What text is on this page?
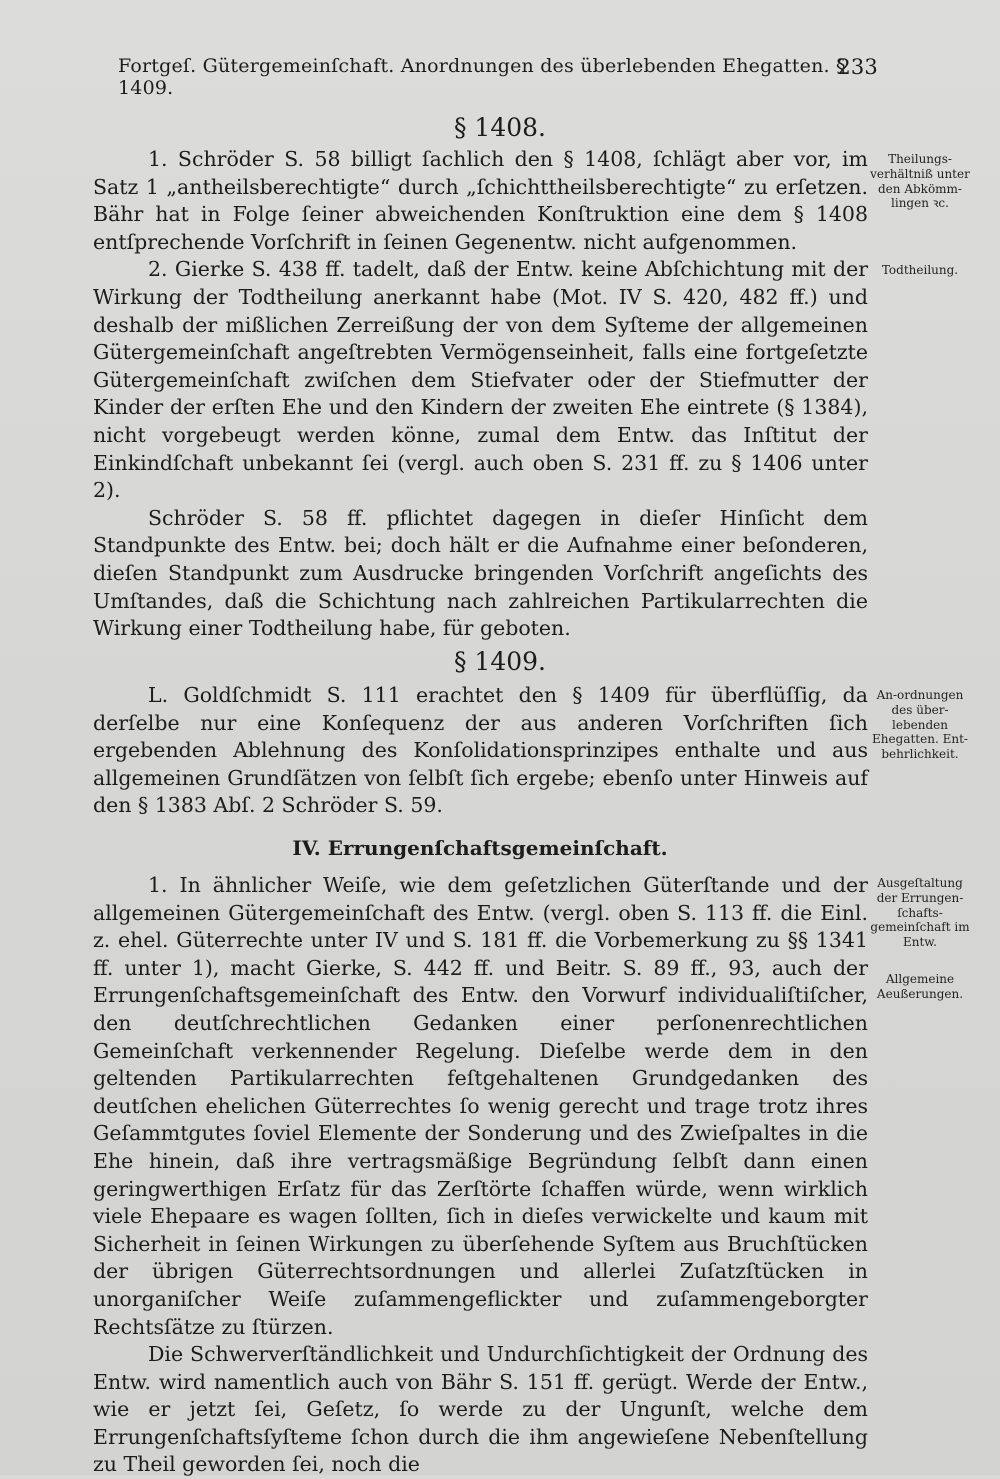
Fortgeſ. Gütergemeinſchaft. Anordnungen des überlebenden Ehegatten. § 1409.
233
§ 1408.

1. Schröder S. 58 billigt ſachlich den § 1408, ſchlägt aber vor, im Satz 1 „antheilsberechtigte“ durch „ſchichttheilsberechtigte“ zu erſetzen. Bähr hat in Folge ſeiner abweichenden Konſtruktion eine dem § 1408 entſprechende Vorſchrift in ſeinen Gegenentw. nicht aufgenommen.

2. Gierke S. 438 ff. tadelt, daß der Entw. keine Abſchichtung mit der Wirkung der Todtheilung anerkannt habe (Mot. IV S. 420, 482 ff.) und deshalb der mißlichen Zerreißung der von dem Syſteme der allgemeinen Gütergemeinſchaft angeſtrebten Vermögenseinheit, falls eine fortgeſetzte Gütergemeinſchaft zwiſchen dem Stiefvater oder der Stiefmutter der Kinder der erſten Ehe und den Kindern der zweiten Ehe eintrete (§ 1384), nicht vorgebeugt werden könne, zumal dem Entw. das Inſtitut der Einkindſchaft unbekannt ſei (vergl. auch oben S. 231 ff. zu § 1406 unter 2).

Schröder S. 58 ff. pflichtet dagegen in dieſer Hinſicht dem Standpunkte des Entw. bei; doch hält er die Aufnahme einer beſonderen, dieſen Standpunkt zum Ausdrucke bringenden Vorſchrift angeſichts des Umſtandes, daß die Schichtung nach zahlreichen Partikularrechten die Wirkung einer Todtheilung habe, für geboten.

Theilungs-verhältniß unter den Abkömm-lingen ꝛc.
Todtheilung.
§ 1409.

L. Goldſchmidt S. 111 erachtet den § 1409 für überflüſſig, da derſelbe nur eine Konſequenz der aus anderen Vorſchriften ſich ergebenden Ablehnung des Konſolidationsprinzipes enthalte und aus allgemeinen Grundſätzen von ſelbſt ſich ergebe; ebenſo unter Hinweis auf den § 1383 Abſ. 2 Schröder S. 59.

An-ordnungen des über-lebenden Ehegatten. Ent-behrlichkeit.
IV. Errungenſchaftsgemeinſchaft.

1. In ähnlicher Weiſe, wie dem geſetzlichen Güterſtande und der allgemeinen Gütergemeinſchaft des Entw. (vergl. oben S. 113 ff. die Einl. z. ehel. Güterrechte unter IV und S. 181 ff. die Vorbemerkung zu §§ 1341 ff. unter 1), macht Gierke, S. 442 ff. und Beitr. S. 89 ff., 93, auch der Errungenſchaftsgemeinſchaft des Entw. den Vorwurf individualiſtiſcher, den deutſchrechtlichen Gedanken einer perſonenrechtlichen Gemeinſchaft verkennender Regelung. Dieſelbe werde dem in den geltenden Partikularrechten feſtgehaltenen Grundgedanken des deutſchen ehelichen Güterrechtes ſo wenig gerecht und trage trotz ihres Geſammtgutes ſoviel Elemente der Sonderung und des Zwieſpaltes in die Ehe hinein, daß ihre vertragsmäßige Begründung ſelbſt dann einen geringwerthigen Erſatz für das Zerſtörte ſchaffen würde, wenn wirklich viele Ehepaare es wagen ſollten, ſich in dieſes verwickelte und kaum mit Sicherheit in ſeinen Wirkungen zu überſehende Syſtem aus Bruchſtücken der übrigen Güterrechtsordnungen und allerlei Zuſatzſtücken in unorganiſcher Weiſe zuſammengeflickter und zuſammengeborgter Rechtsſätze zu ſtürzen.

Die Schwerverſtändlichkeit und Undurchſichtigkeit der Ordnung des Entw. wird namentlich auch von Bähr S. 151 ff. gerügt. Werde der Entw., wie er jetzt ſei, Geſetz, ſo werde zu der Ungunſt, welche dem Errungenſchaftsſyſteme ſchon durch die ihm angewieſene Nebenſtellung zu Theil geworden ſei, noch die

Ausgeſtaltung der Errungen-ſchafts-gemeinſchaft im Entw.
Allgemeine Aeußerungen.
